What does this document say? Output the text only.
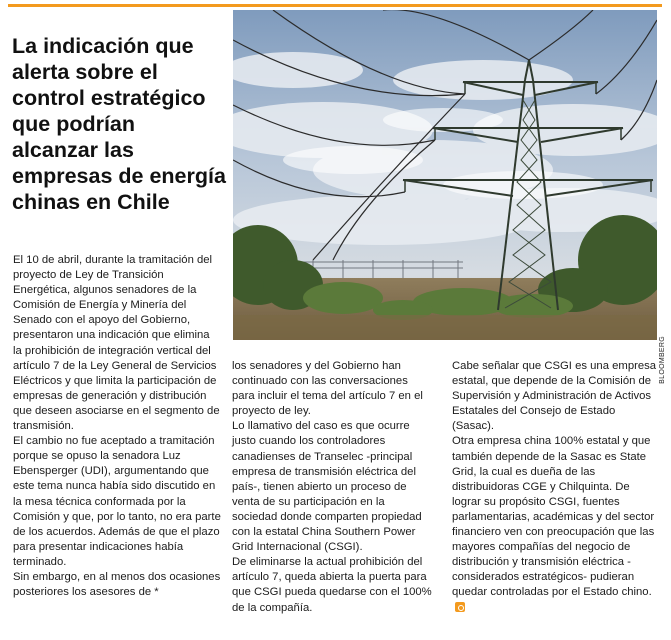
La indicación que alerta sobre el control estratégico que podrían alcanzar las empresas de energía chinas en Chile
BLOOMBERG

El 10 de abril, durante la tramitación del proyecto de Ley de Transición Energética, algunos senadores de la Comisión de Energía y Minería del Senado con el apoyo del Gobierno, presentaron una indicación que elimina la prohibición de integración vertical del artículo 7 de la Ley General de Servicios Eléctricos y que limita la participación de empresas de generación y distribución que deseen asociarse en el segmento de transmisión.

El cambio no fue aceptado a tramitación porque se opuso la senadora Luz Ebensperger (UDI), argumentando que este tema nunca había sido discutido en la mesa técnica conformada por la Comisión y que, por lo tanto, no era parte de los acuerdos. Además de que el plazo para presentar indicaciones había terminado.

Sin embargo, en al menos dos ocasiones posteriores los asesores de *

los senadores y del Gobierno han continuado con las conversaciones para incluir el tema del artículo 7 en el proyecto de ley.

Lo llamativo del caso es que ocurre justo cuando los controladores canadienses de Transelec -principal empresa de transmisión eléctrica del país-, tienen abierto un proceso de venta de su participación en la sociedad donde comparten propiedad con la estatal China Southern Power Grid Internacional (CSGI).

De eliminarse la actual prohibición del artículo 7, queda abierta la puerta para que CSGI pueda quedarse con el 100% de la compañía.

Cabe señalar que CSGI es una empresa estatal, que depende de la Comisión de Supervisión y Administración de Activos Estatales del Consejo de Estado (Sasac).

Otra empresa china 100% estatal y que también depende de la Sasac es State Grid, la cual es dueña de las distribuidoras CGE y Chilquinta. De lograr su propósito CSGI, fuentes parlamentarias, académicas y del sector financiero ven con preocupación que las mayores compañías del negocio de distribución y transmisión eléctrica -considerados estratégicos- pudieran quedar controladas por el Estado chino.
